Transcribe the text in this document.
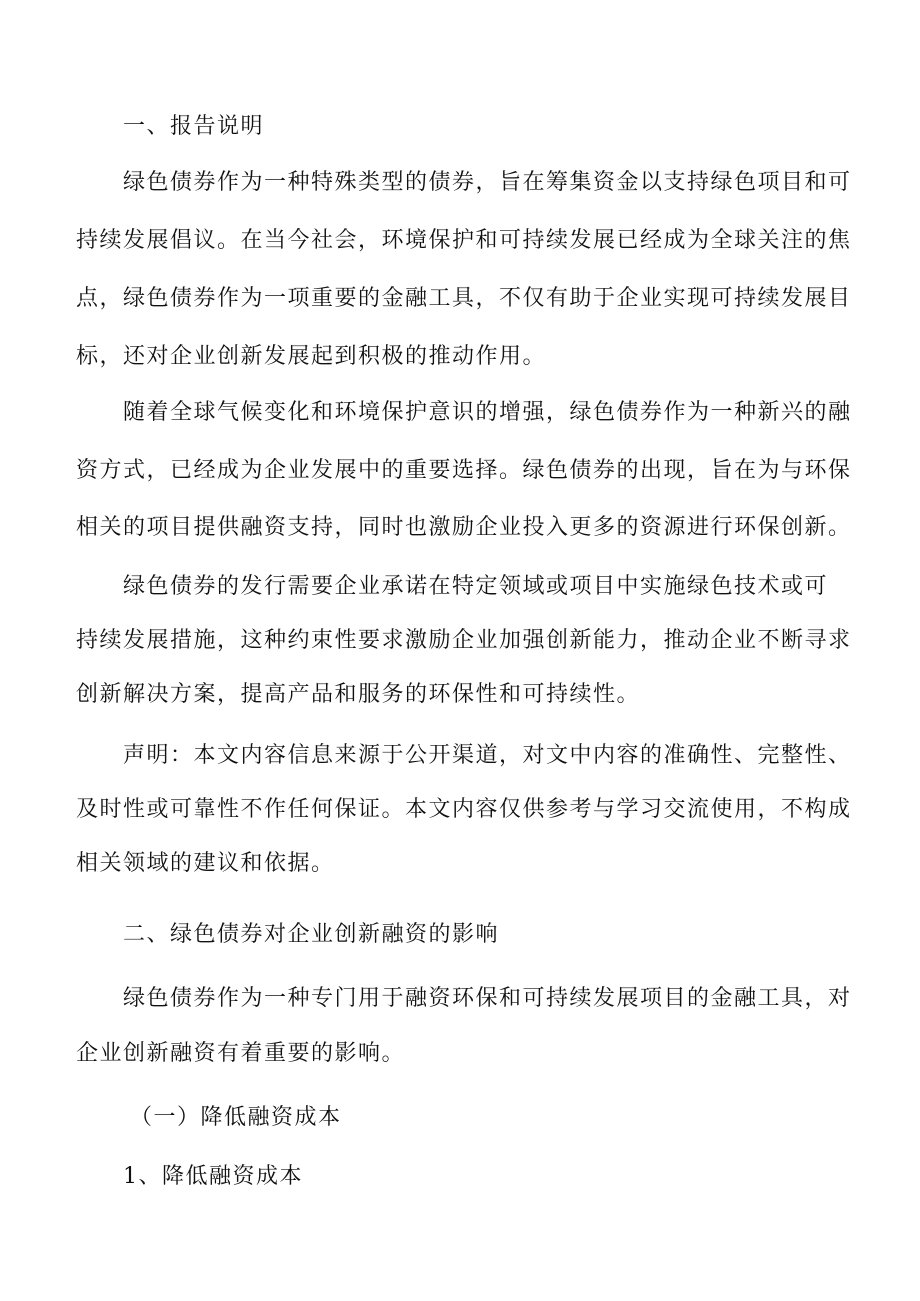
一、报告说明
绿色债券作为一种特殊类型的债券，旨在筹集资金以支持绿色项目和可
持续发展倡议。在当今社会，环境保护和可持续发展已经成为全球关注的焦
点，绿色债券作为一项重要的金融工具，不仅有助于企业实现可持续发展目
标，还对企业创新发展起到积极的推动作用。
随着全球气候变化和环境保护意识的增强，绿色债券作为一种新兴的融
资方式，已经成为企业发展中的重要选择。绿色债券的出现，旨在为与环保
相关的项目提供融资支持，同时也激励企业投入更多的资源进行环保创新。
绿色债券的发行需要企业承诺在特定领域或项目中实施绿色技术或可
持续发展措施，这种约束性要求激励企业加强创新能力，推动企业不断寻求
创新解决方案，提高产品和服务的环保性和可持续性。
声明：本文内容信息来源于公开渠道，对文中内容的准确性、完整性、
及时性或可靠性不作任何保证。本文内容仅供参考与学习交流使用，不构成
相关领域的建议和依据。
二、绿色债券对企业创新融资的影响
绿色债券作为一种专门用于融资环保和可持续发展项目的金融工具，对
企业创新融资有着重要的影响。
（一）降低融资成本
1、降低融资成本
